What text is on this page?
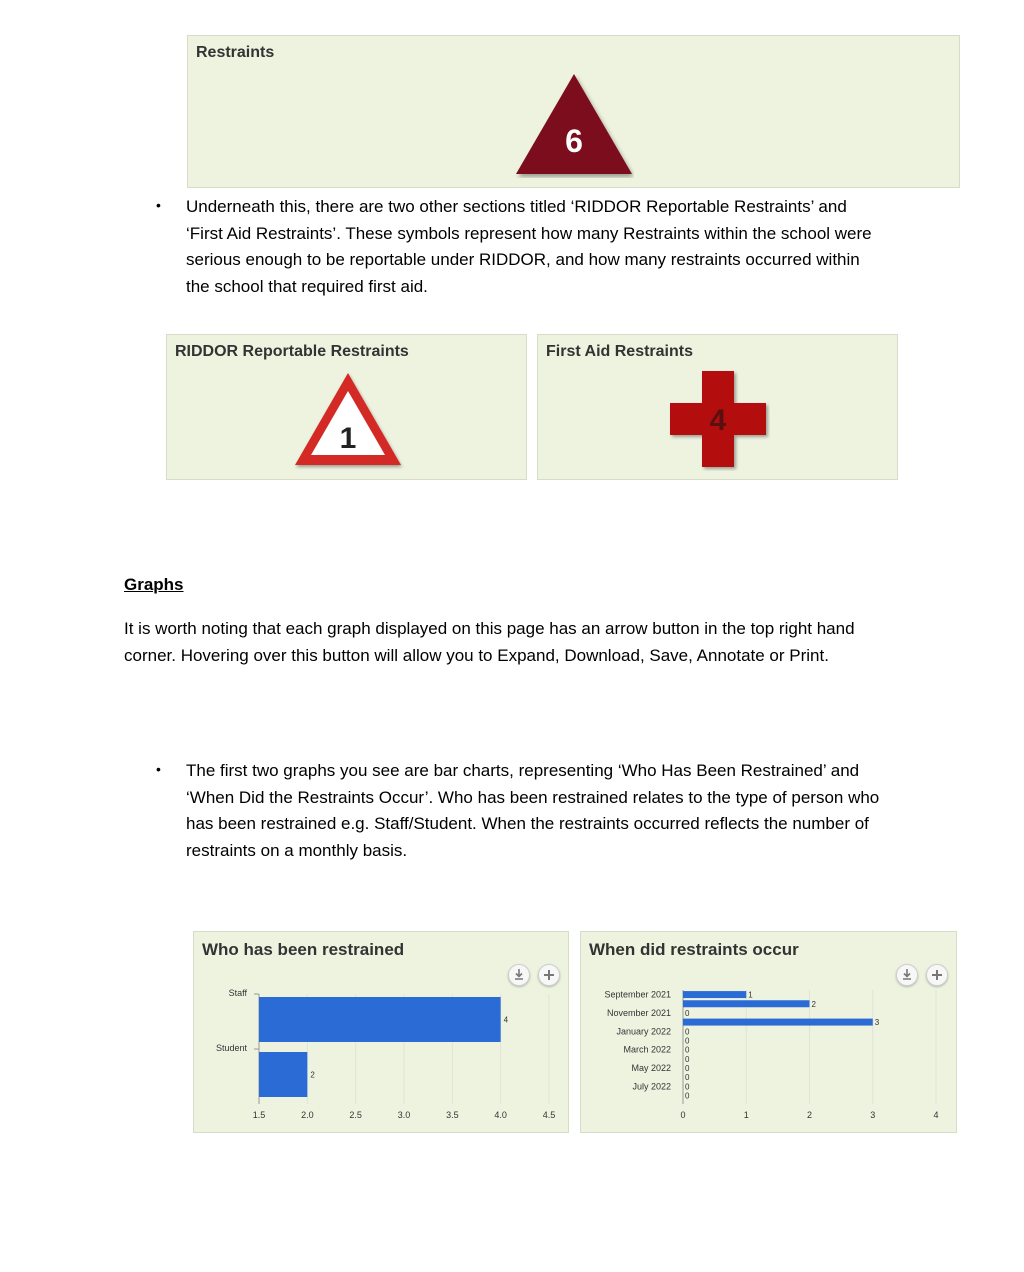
Restraints
6
• Underneath this, there are two other sections titled ‘RIDDOR Reportable Restraints’ and
‘First Aid Restraints’. These symbols represent how many Restraints within the school were
serious enough to be reportable under RIDDOR, and how many restraints occurred within
the school that required first aid.
RIDDOR Reportable Restraints
1
First Aid Restraints
4
Graphs
It is worth noting that each graph displayed on this page has an arrow button in the top right hand
corner. Hovering over this button will allow you to Expand, Download, Save, Annotate or Print.
• The first two graphs you see are bar charts, representing ‘Who Has Been Restrained’ and
‘When Did the Restraints Occur’. Who has been restrained relates to the type of person who
has been restrained e.g. Staff/Student. When the restraints occurred reflects the number of
restraints on a monthly basis.
Who has been restrained
1.5	2.0	2.5	3.0	3.5	4.0	4.5
Staff
4
Student
2
When did restraints occur
0	1	2	3	4
September 2021	1
2
November 2021 0
3
January 2022 0
0
March 2022 0
0
May 2022 0
0
July 2022 0
0
